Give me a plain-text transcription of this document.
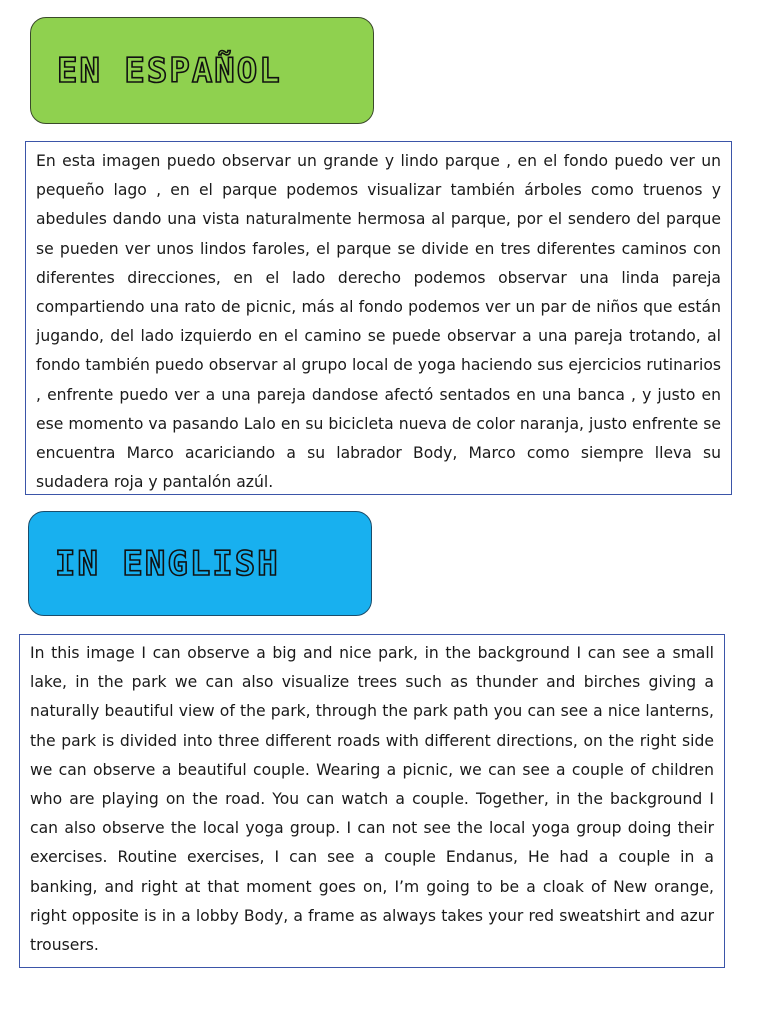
EN ESPAÑOL
En esta imagen puedo observar un grande y lindo parque , en el fondo puedo ver un pequeño lago , en el parque podemos visualizar también árboles como truenos y abedules dando una vista naturalmente hermosa al parque, por el sendero del parque se pueden ver unos lindos faroles, el parque se divide en tres diferentes caminos con diferentes direcciones, en el lado derecho podemos observar una linda pareja compartiendo una rato de picnic, más al fondo podemos ver un par de niños que están jugando, del lado izquierdo en el camino se puede observar a una pareja trotando, al fondo también puedo observar al grupo local de yoga haciendo sus ejercicios rutinarios , enfrente puedo ver a una pareja dandose afectó sentados en una banca , y justo en ese momento va pasando Lalo en su bicicleta nueva de color naranja, justo enfrente se encuentra Marco acariciando a su labrador Body, Marco como siempre lleva su sudadera roja y pantalón azúl.
IN ENGLISH
In this image I can observe a big and nice park, in the background I can see a small lake, in the park we can also visualize trees such as thunder and birches giving a naturally beautiful view of the park, through the park path you can see a nice lanterns, the park is divided into three different roads with different directions, on the right side we can observe a beautiful couple. Wearing a picnic, we can see a couple of children who are playing on the road. You can watch a couple. Together, in the background I can also observe the local yoga group. I can not see the local yoga group doing their exercises. Routine exercises, I can see a couple Endanus, He had a couple in a banking, and right at that moment goes on, I’m going to be a cloak of New orange, right opposite is in a lobby Body, a frame as always takes your red sweatshirt and azur trousers.
